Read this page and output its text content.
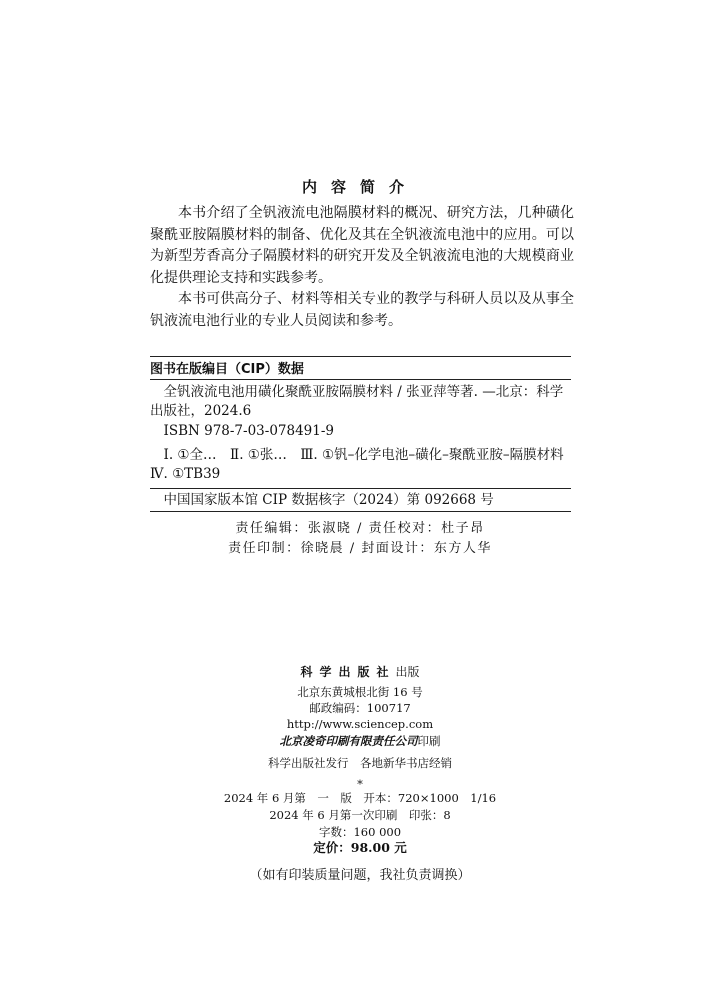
内容简介

本书介绍了全钒液流电池隔膜材料的概况、研究方法，几种磺化聚酰亚胺隔膜材料的制备、优化及其在全钒液流电池中的应用。可以为新型芳香高分子隔膜材料的研究开发及全钒液流电池的大规模商业化提供理论支持和实践参考。

本书可供高分子、材料等相关专业的教学与科研人员以及从事全钒液流电池行业的专业人员阅读和参考。

图书在版编目（CIP）数据

全钒液流电池用磺化聚酰亚胺隔膜材料 / 张亚萍等著. —北京：科学出版社，2024.6

ISBN 978-7-03-078491-9

Ⅰ. ①全…　Ⅱ. ①张…　Ⅲ. ①钒–化学电池–磺化–聚酰亚胺–隔膜材料　Ⅳ. ①TB39

中国国家版本馆 CIP 数据核字（2024）第 092668 号

责任编辑：张淑晓 / 责任校对：杜子昂
责任印制：徐晓晨 / 封面设计：东方人华
科学出版社出版
北京东黄城根北街 16 号
邮政编码：100717
http://www.sciencep.com
北京凌奇印刷有限责任公司印刷
科学出版社发行　各地新华书店经销
*
2024 年 6 月第　一　版　开本：720×1000　1/16
2024 年 6 月第一次印刷　印张：8
字数：160 000
定价：98.00 元
（如有印装质量问题，我社负责调换）
